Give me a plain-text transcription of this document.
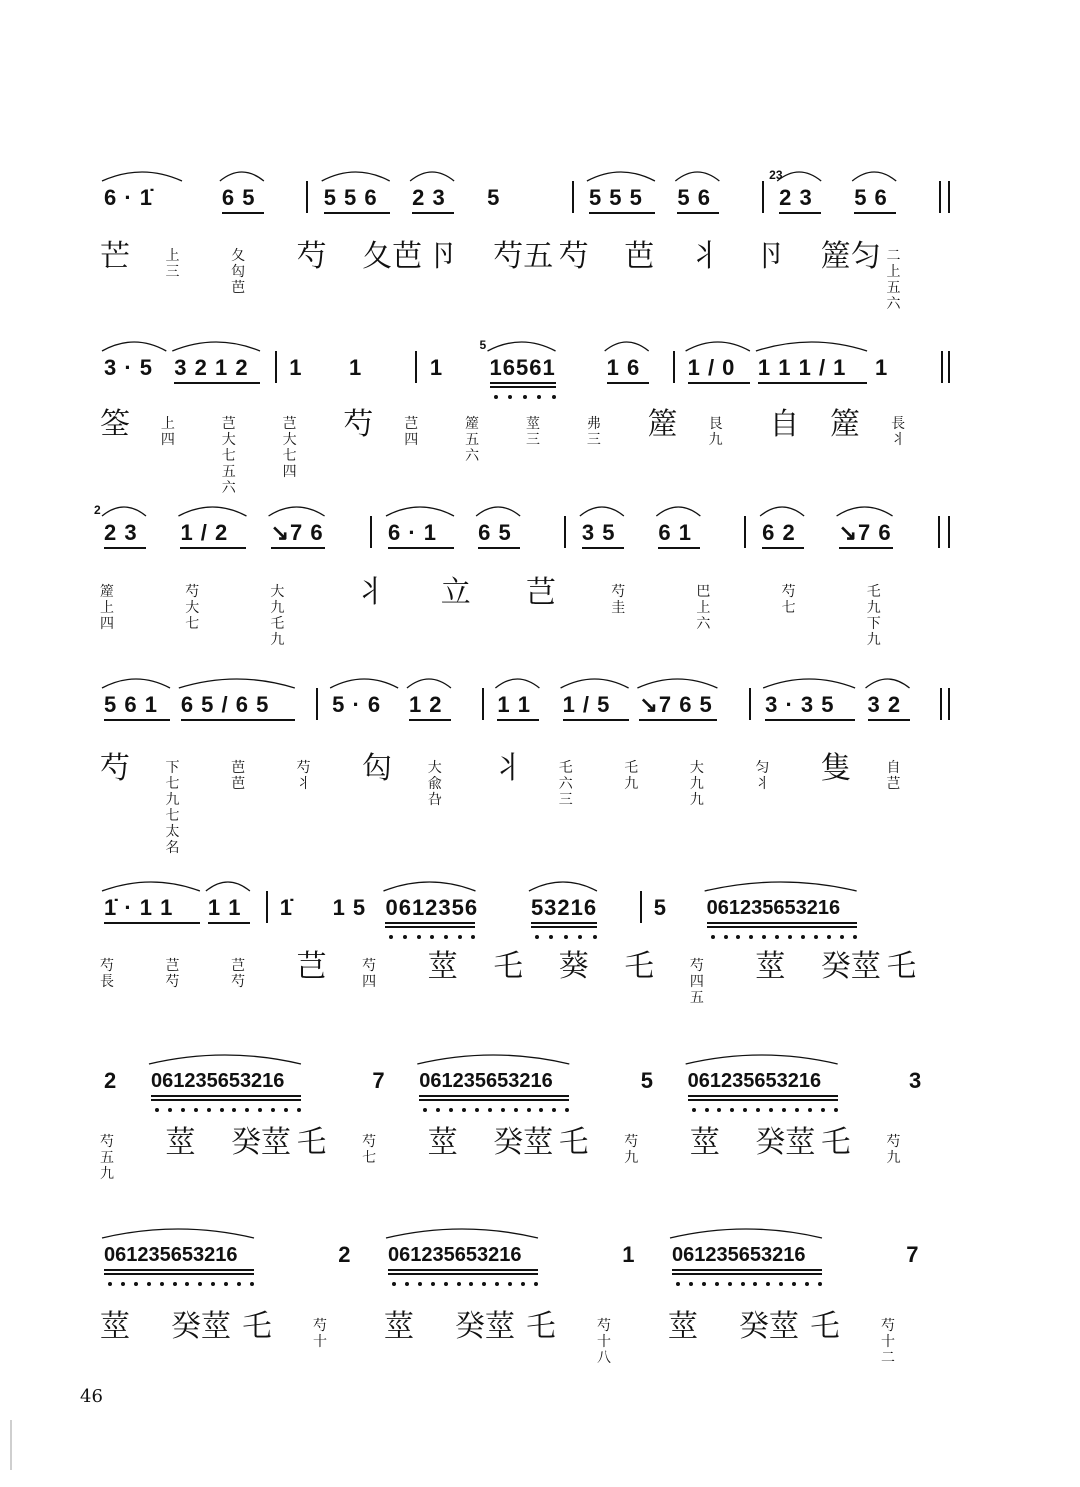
6 · 1̇	6 5	5 5 6 2 3 5	5 5 5 5 6	2 3
23
5 6
芒	上 三
夂 匃芭
芍 夂芭 卪 芍五 芍 芭 丬 卪 簅匀 二 上 五 六
3 · 5 3 2 1 2 1 1	1 16561
5
1 6 1 / 0 1 1 1 / 1 1
筌 上 四
芑 大 七 五 六
芑 大 七 四
芍 芑 四
簅 五 六
莖 三
弗 三 簅 艮 九 自 簅 長 丬
2 3
2
1 / 2 ↘7 6	6 · 1 6 5	3 5 6 1	6 2 ↘7 6
簅 上 四
芍 大 七
大 九 乇 九
丬 立 芑	芍 圭
巴 上 六
芍 七
乇 九 下 九
5 6 1 6 5 / 6 5	5 · 6 1 2 1 1 1 / 5 ↘7 6 5 3 · 3 5 3 2
芍	下 七 九 七 太 名
芭 芭
芍 丬 匃	大 兪 叴
丬	乇 六 三
乇 九
大 九 九
匀 丬 隻	自 芑
1̇ · 1 1 1 1 1̇ 1 5 0612356 53216	5 061235653216
芍 長
芑 芍
芑 芍 芑	芍 四 莖 乇 葵 乇	芍 四 五
莖 癸莖 乇
2 061235653216	7 061235653216	5 061235653216	3
芍 五 九
莖 癸莖 乇	芍 七 莖 癸莖 乇	芍 九 莖 癸莖 乇	芍 九
061235653216	2 061235653216	1 061235653216	7
莖 癸莖 乇	芍 十 莖 癸莖 乇	芍 十 八
莖 癸莖 乇	芍 十 二
46
